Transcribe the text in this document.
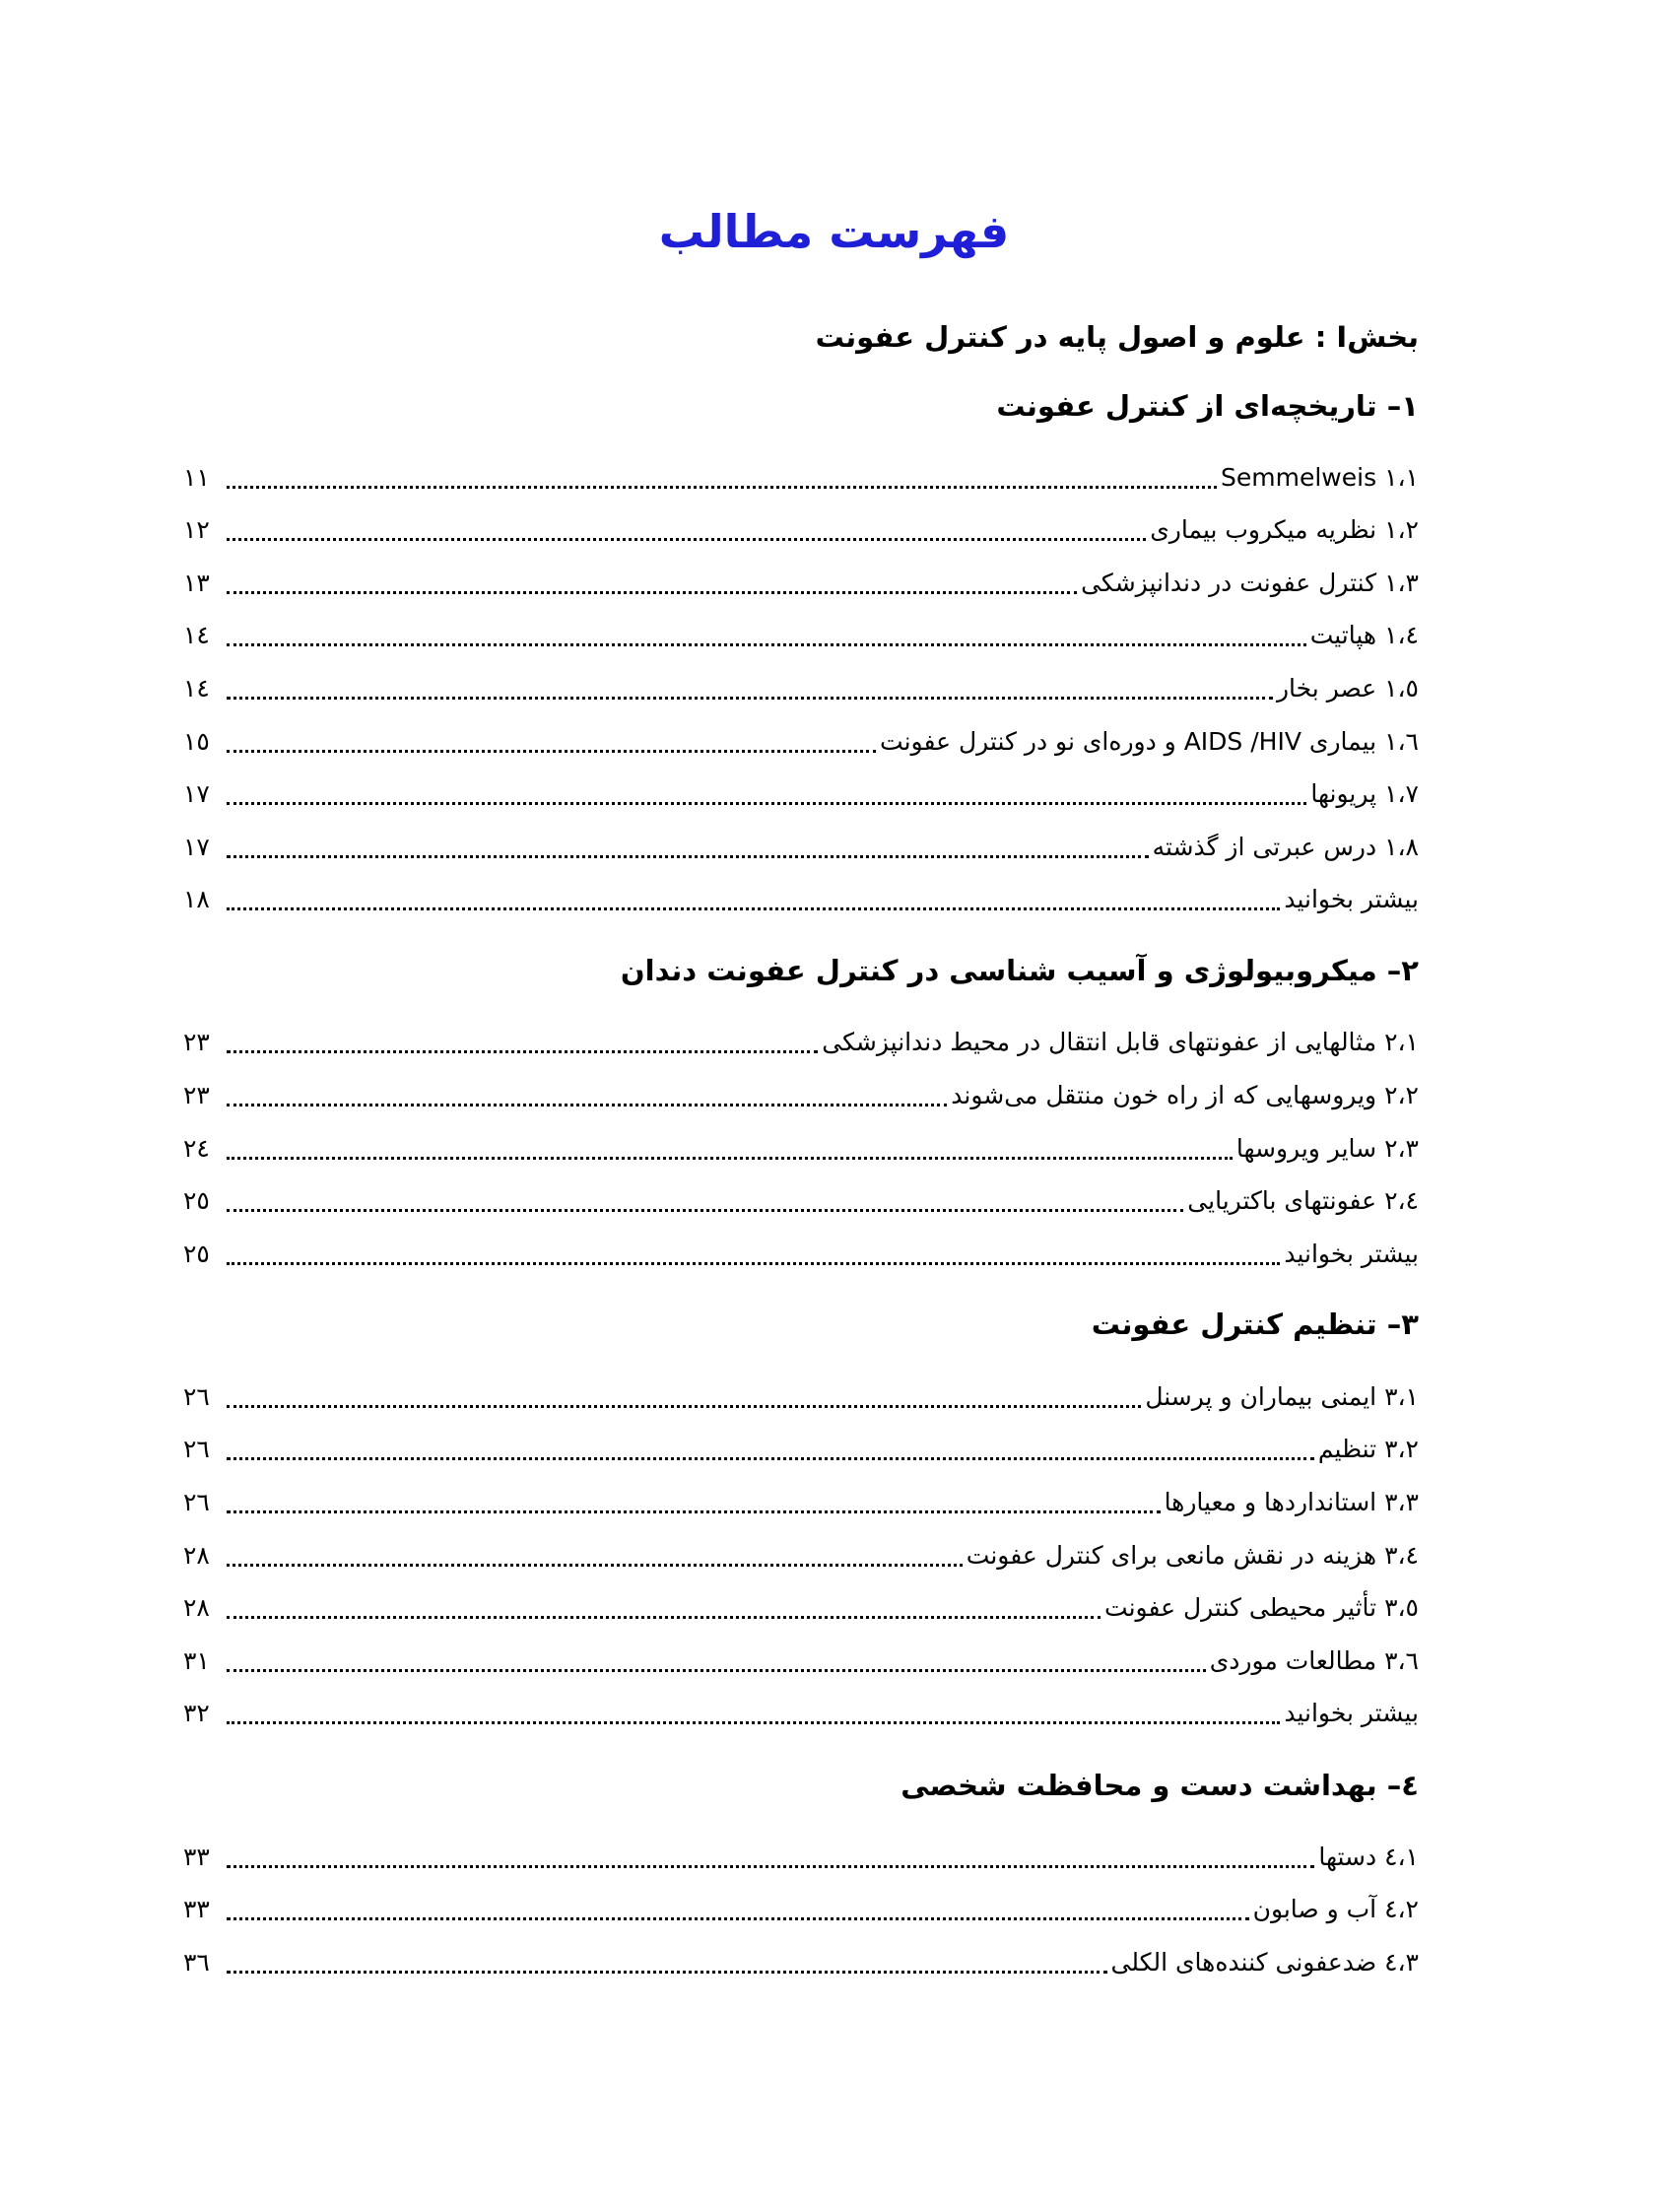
فهرست مطالب
بخشI : علوم و اصول پایه در کنترل عفونت
١– تاریخچه‌ای از کنترل عفونت
١،١ Semmelweis
١١
١،٢ نظریه میکروب بیماری
١٢
١،٣ کنترل عفونت در دندانپزشکی
١٣
١،٤ هپاتیت
١٤
١،٥ عصر بخار
١٤
١،٦ بیماری AIDS /HIV و دوره‌ای نو در کنترل عفونت
١٥
١،٧ پریونها
١٧
١،٨ درس عبرتی از گذشته
١٧
بیشتر بخوانید
١٨
٢– میکروبیولوژی و آسیب شناسی در کنترل عفونت دندان
٢،١ مثالهایی از عفونتهای قابل انتقال در محیط دندانپزشکی
٢٣
٢،٢ ویروسهایی که از راه خون منتقل می‌شوند
٢٣
٢،٣ سایر ویروسها
٢٤
٢،٤ عفونتهای باکتریایی
٢٥
بیشتر بخوانید
٢٥
٣– تنظیم کنترل عفونت
٣،١ ایمنی بیماران و پرسنل
٢٦
٣،٢ تنظیم
٢٦
٣،٣ استانداردها و معیارها
٢٦
٣،٤ هزینه در نقش مانعی برای کنترل عفونت
٢٨
٣،٥ تأثیر محیطی کنترل عفونت
٢٨
٣،٦ مطالعات موردی
٣١
بیشتر بخوانید
٣٢
٤– بهداشت دست و محافظت شخصی
٤،١ دستها
٣٣
٤،٢ آب و صابون
٣٣
٤،٣ ضدعفونی کننده‌های الکلی
٣٦
